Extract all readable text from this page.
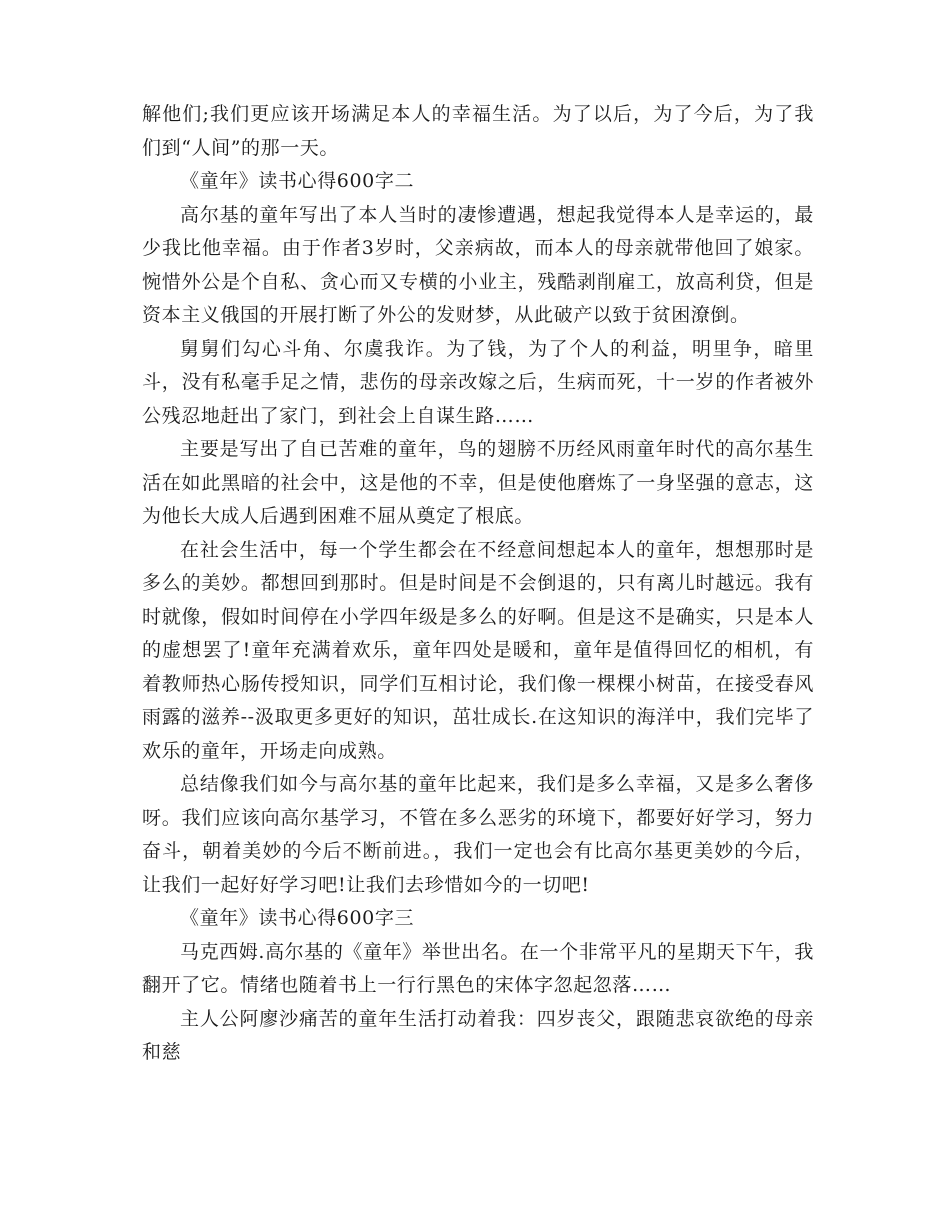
解他们;我们更应该开场满足本人的幸福生活。为了以后，为了今后，为了我们到“人间”的那一天。

《童年》读书心得600字二

高尔基的童年写出了本人当时的凄惨遭遇，想起我觉得本人是幸运的，最少我比他幸福。由于作者3岁时，父亲病故，而本人的母亲就带他回了娘家。惋惜外公是个自私、贪心而又专横的小业主，残酷剥削雇工，放高利贷，但是资本主义俄国的开展打断了外公的发财梦，从此破产以致于贫困潦倒。

舅舅们勾心斗角、尔虞我诈。为了钱，为了个人的利益，明里争，暗里斗，没有私毫手足之情，悲伤的母亲改嫁之后，生病而死，十一岁的作者被外公残忍地赶出了家门，到社会上自谋生路……

主要是写出了自已苦难的童年，鸟的翅膀不历经风雨童年时代的高尔基生活在如此黑暗的社会中，这是他的不幸，但是使他磨炼了一身坚强的意志，这为他长大成人后遇到困难不屈从奠定了根底。

在社会生活中，每一个学生都会在不经意间想起本人的童年，想想那时是多么的美妙。都想回到那时。但是时间是不会倒退的，只有离儿时越远。我有时就像，假如时间停在小学四年级是多么的好啊。但是这不是确实，只是本人的虚想罢了!童年充满着欢乐，童年四处是暖和，童年是值得回忆的相机，有着教师热心肠传授知识，同学们互相讨论，我们像一棵棵小树苗，在接受春风雨露的滋养--汲取更多更好的知识，茁壮成长.在这知识的海洋中，我们完毕了欢乐的童年，开场走向成熟。

总结像我们如今与高尔基的童年比起来，我们是多么幸福，又是多么奢侈呀。我们应该向高尔基学习，不管在多么恶劣的环境下，都要好好学习，努力奋斗，朝着美妙的今后不断前进。，我们一定也会有比高尔基更美妙的今后，让我们一起好好学习吧!让我们去珍惜如今的一切吧!

《童年》读书心得600字三

马克西姆.高尔基的《童年》举世出名。在一个非常平凡的星期天下午，我翻开了它。情绪也随着书上一行行黑色的宋体字忽起忽落……

主人公阿廖沙痛苦的童年生活打动着我：四岁丧父，跟随悲哀欲绝的母亲和慈
